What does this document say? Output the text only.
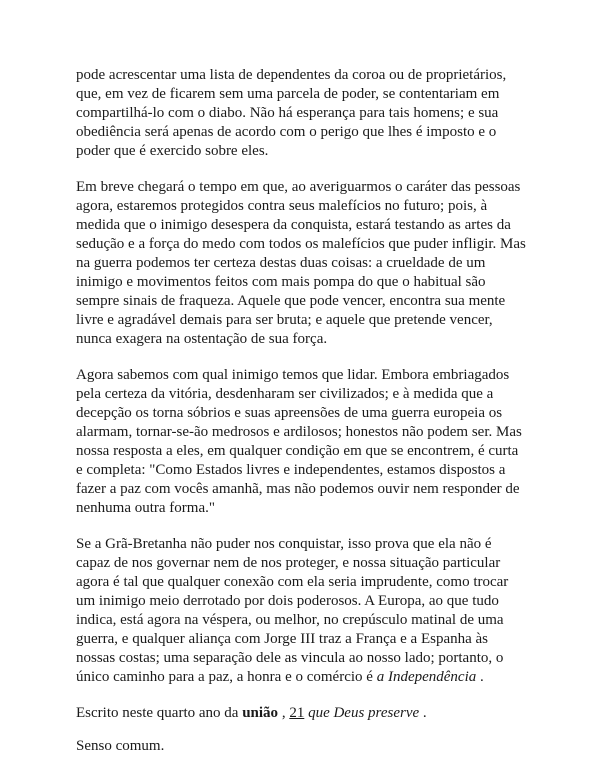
pode acrescentar uma lista de dependentes da coroa ou de proprietários, que, em vez de ficarem sem uma parcela de poder, se contentariam em compartilhá-lo com o diabo. Não há esperança para tais homens; e sua obediência será apenas de acordo com o perigo que lhes é imposto e o poder que é exercido sobre eles.

Em breve chegará o tempo em que, ao averiguarmos o caráter das pessoas agora, estaremos protegidos contra seus malefícios no futuro; pois, à medida que o inimigo desespera da conquista, estará testando as artes da sedução e a força do medo com todos os malefícios que puder infligir. Mas na guerra podemos ter certeza destas duas coisas: a crueldade de um inimigo e movimentos feitos com mais pompa do que o habitual são sempre sinais de fraqueza. Aquele que pode vencer, encontra sua mente livre e agradável demais para ser bruta; e aquele que pretende vencer, nunca exagera na ostentação de sua força.

Agora sabemos com qual inimigo temos que lidar. Embora embriagados pela certeza da vitória, desdenharam ser civilizados; e à medida que a decepção os torna sóbrios e suas apreensões de uma guerra europeia os alarmam, tornar-se-ão medrosos e ardilosos; honestos não podem ser. Mas nossa resposta a eles, em qualquer condição em que se encontrem, é curta e completa: "Como Estados livres e independentes, estamos dispostos a fazer a paz com vocês amanhã, mas não podemos ouvir nem responder de nenhuma outra forma."

Se a Grã-Bretanha não puder nos conquistar, isso prova que ela não é capaz de nos governar nem de nos proteger, e nossa situação particular agora é tal que qualquer conexão com ela seria imprudente, como trocar um inimigo meio derrotado por dois poderosos. A Europa, ao que tudo indica, está agora na véspera, ou melhor, no crepúsculo matinal de uma guerra, e qualquer aliança com Jorge III traz a França e a Espanha às nossas costas; uma separação dele as vincula ao nosso lado; portanto, o único caminho para a paz, a honra e o comércio é a Independência .

Escrito neste quarto ano da união , 21 que Deus preserve .

Senso comum.
